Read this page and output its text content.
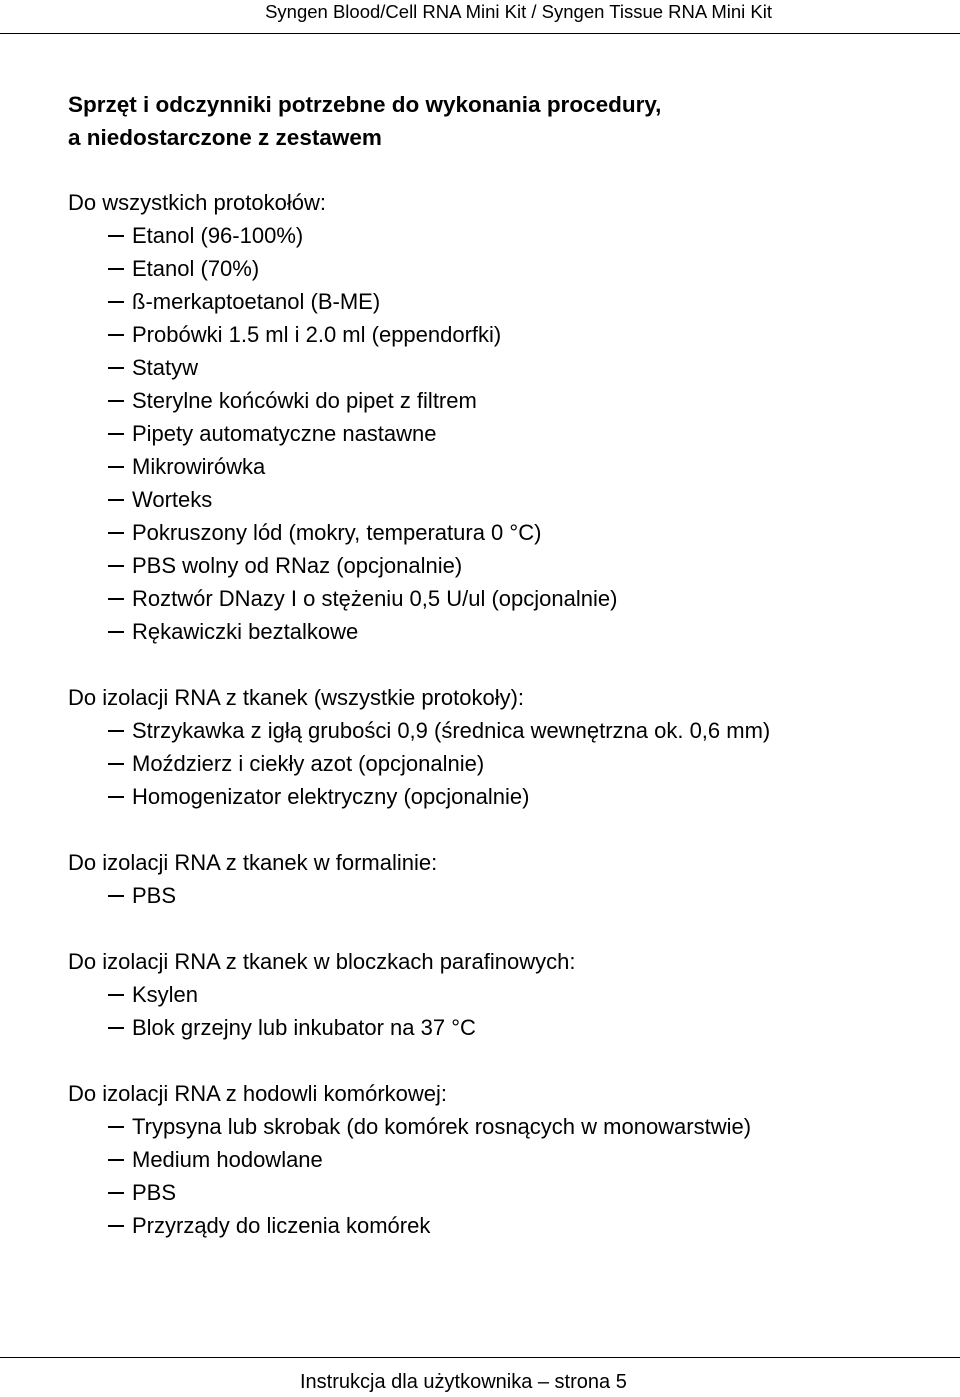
Syngen Blood/Cell RNA Mini Kit / Syngen Tissue RNA Mini Kit
Sprzęt i odczynniki potrzebne do wykonania procedury,
a niedostarczone z zestawem
Do wszystkich protokołów:
Etanol (96-100%)
Etanol (70%)
ß-merkaptoetanol (B-ME)
Probówki 1.5 ml i 2.0 ml (eppendorfki)
Statyw
Sterylne końcówki do pipet z filtrem
Pipety automatyczne nastawne
Mikrowirówka
Worteks
Pokruszony lód (mokry, temperatura 0 °C)
PBS wolny od RNaz (opcjonalnie)
Roztwór DNazy I o stężeniu 0,5 U/ul (opcjonalnie)
Rękawiczki beztalkowe
Do izolacji RNA z tkanek (wszystkie protokoły):
Strzykawka z igłą grubości 0,9 (średnica wewnętrzna ok. 0,6 mm)
Moździerz i ciekły azot (opcjonalnie)
Homogenizator elektryczny (opcjonalnie)
Do izolacji RNA z tkanek w formalinie:
PBS
Do izolacji RNA z tkanek w bloczkach parafinowych:
Ksylen
Blok grzejny lub inkubator na 37 °C
Do izolacji RNA z hodowli komórkowej:
Trypsyna lub skrobak (do komórek rosnących w monowarstwie)
Medium hodowlane
PBS
Przyrządy do liczenia komórek
Instrukcja dla użytkownika – strona 5
